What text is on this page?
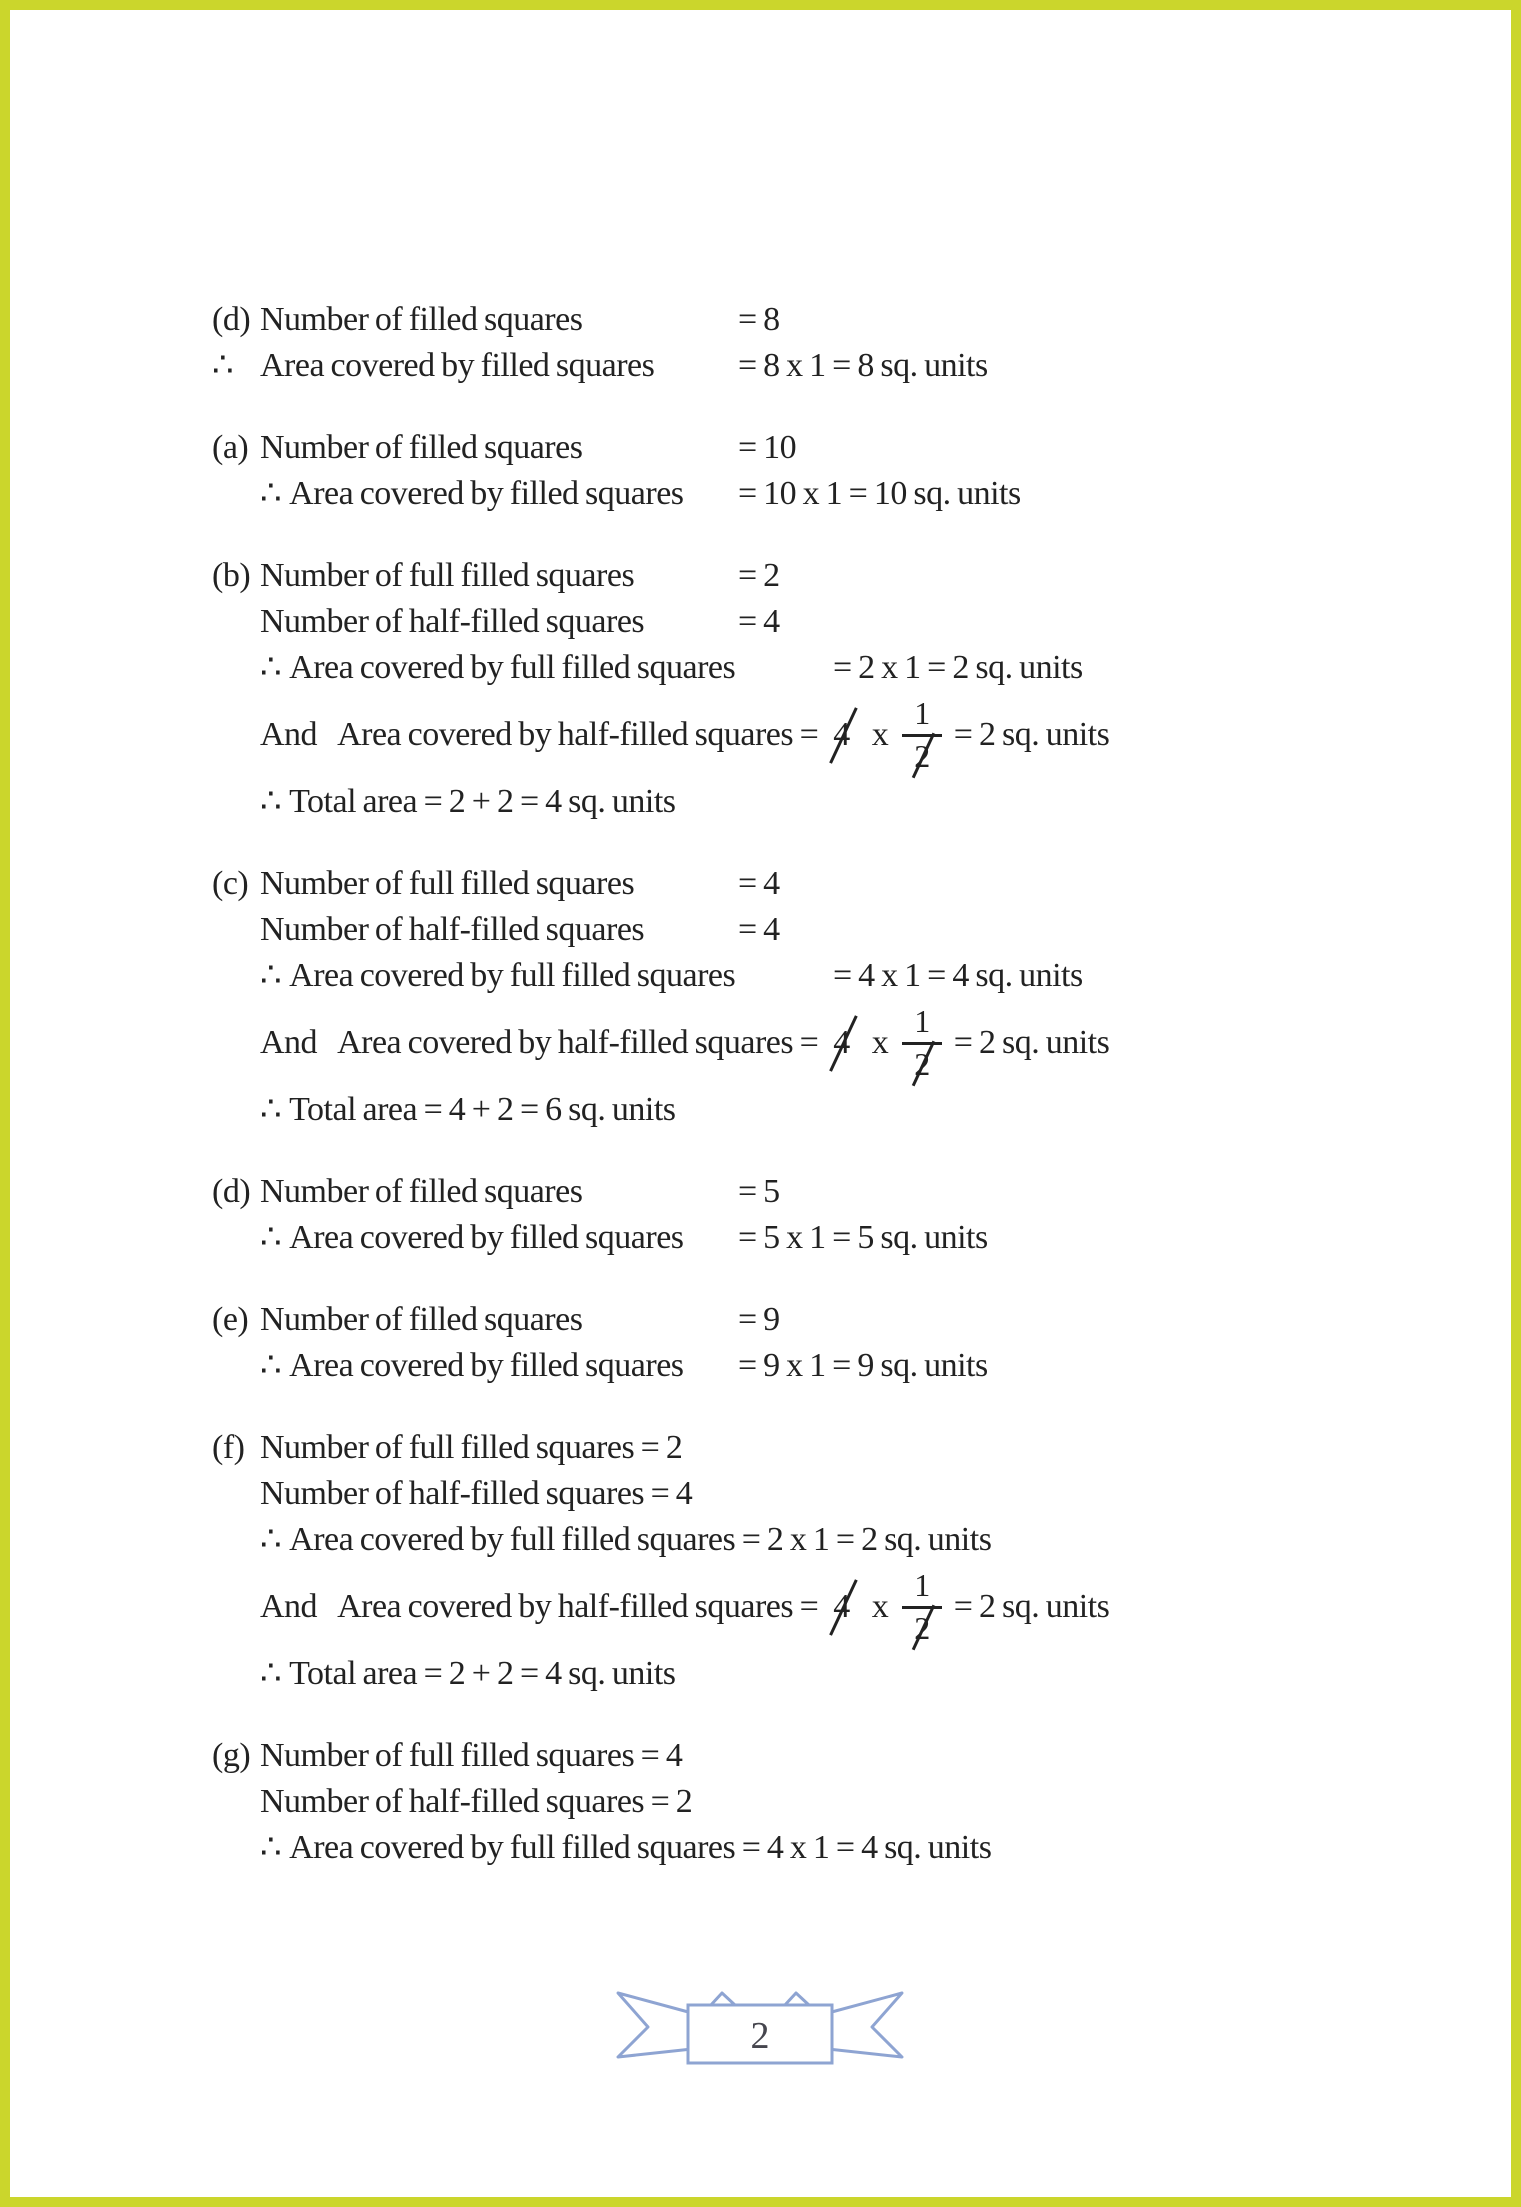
(d) Number of filled squares	= 8
∴ Area covered by filled squares = 8 x 1 = 8 sq. units
(a) Number of filled squares	= 10
∴ Area covered by filled squares = 10 x 1 = 10 sq. units
(b) Number of full filled squares	= 2
Number of half-filled squares	= 4
∴ Area covered by full filled squares	= 2 x 1 = 2 sq. units
And Area covered by half-filled squares = 4 x $\frac{1}{2} = 2$ sq. units
∴ Total area = 2 + 2 = 4 sq. units
(c) Number of full filled squares	= 4
Number of half-filled squares	= 4
∴ Area covered by full filled squares	= 4 x 1 = 4 sq. units
And Area covered by half-filled squares = 4 x $\frac{1}{2} = 2$ sq. units
∴ Total area = 4 + 2 = 6 sq. units
(d) Number of filled squares	= 5
∴ Area covered by filled squares = 5 x 1 = 5 sq. units
(e) Number of filled squares	= 9
∴ Area covered by filled squares = 9 x 1 = 9 sq. units
(f) Number of full filled squares = 2
Number of half-filled squares = 4
∴ Area covered by full filled squares = 2 x 1 = 2 sq. units
And Area covered by half-filled squares = 4 x $\frac{1}{2} = 2$ sq. units
∴ Total area = 2 + 2 = 4 sq. units
(g) Number of full filled squares = 4
Number of half-filled squares = 2
∴ Area covered by full filled squares = 4 x 1 = 4 sq. units
2
